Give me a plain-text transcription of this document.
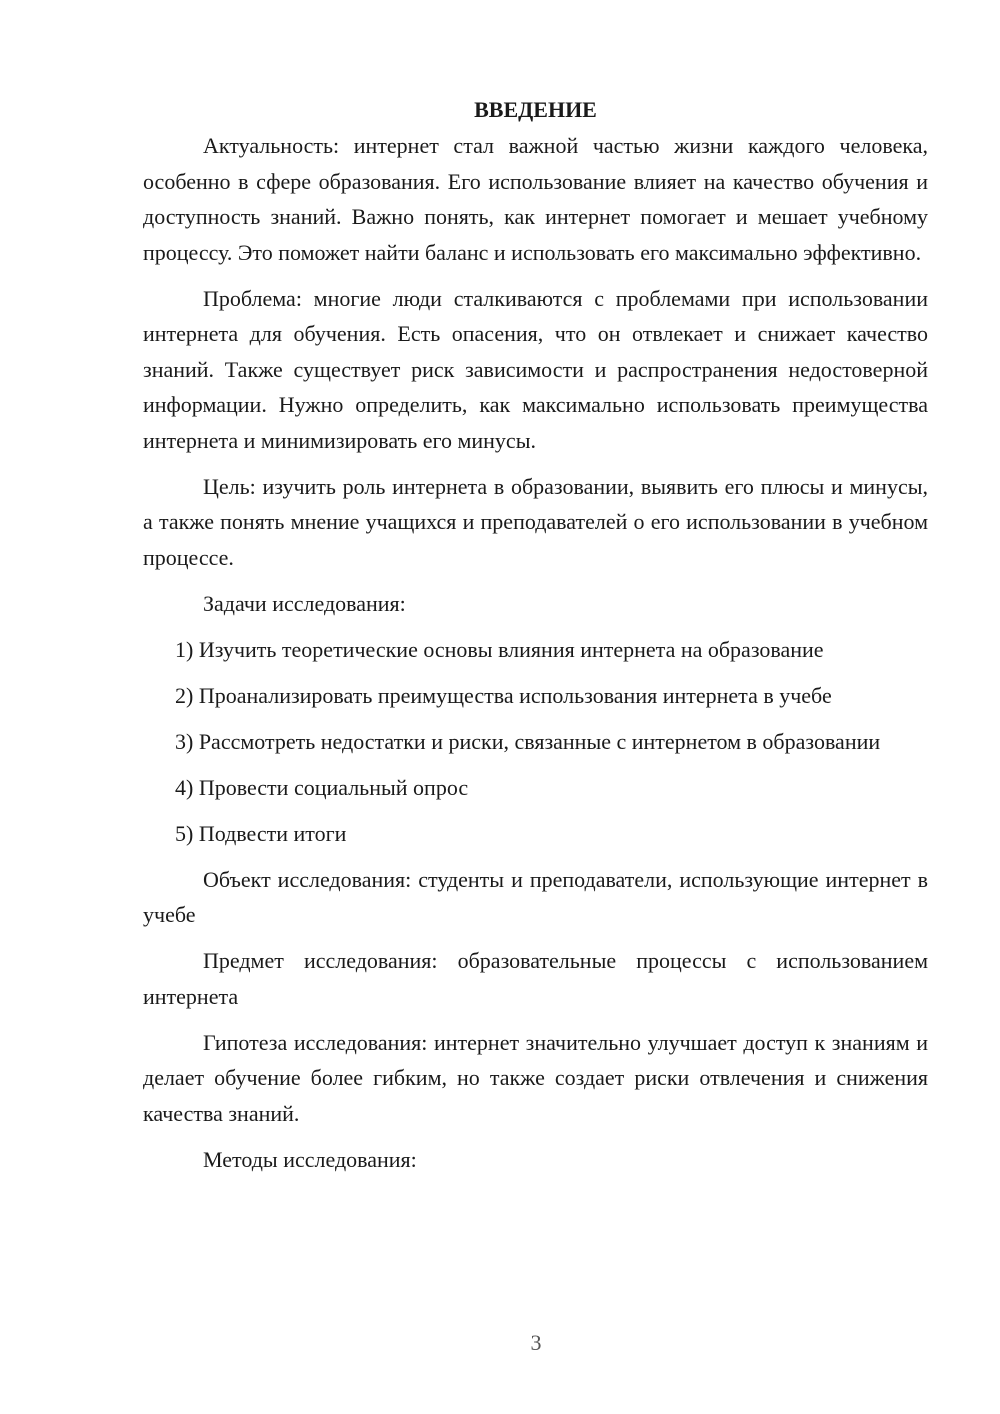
ВВЕДЕНИЕ

Актуальность: интернет стал важной частью жизни каждого человека, особенно в сфере образования. Его использование влияет на качество обучения и доступность знаний. Важно понять, как интернет помогает и мешает учебному процессу. Это поможет найти баланс и использовать его максимально эффективно.

Проблема: многие люди сталкиваются с проблемами при использовании интернета для обучения. Есть опасения, что он отвлекает и снижает качество знаний. Также существует риск зависимости и распространения недостоверной информации. Нужно определить, как максимально использовать преимущества интернета и минимизировать его минусы.

Цель: изучить роль интернета в образовании, выявить его плюсы и минусы, а также понять мнение учащихся и преподавателей о его использовании в учебном процессе.

Задачи исследования:

1) Изучить теоретические основы влияния интернета на образование

2) Проанализировать преимущества использования интернета в учебе

3) Рассмотреть недостатки и риски, связанные с интернетом в образовании

4) Провести социальный опрос

5) Подвести итоги

Объект исследования: студенты и преподаватели, использующие интернет в учебе

Предмет исследования: образовательные процессы с использованием интернета

Гипотеза исследования: интернет значительно улучшает доступ к знаниям и делает обучение более гибким, но также создает риски отвлечения и снижения качества знаний.

Методы исследования:

3
